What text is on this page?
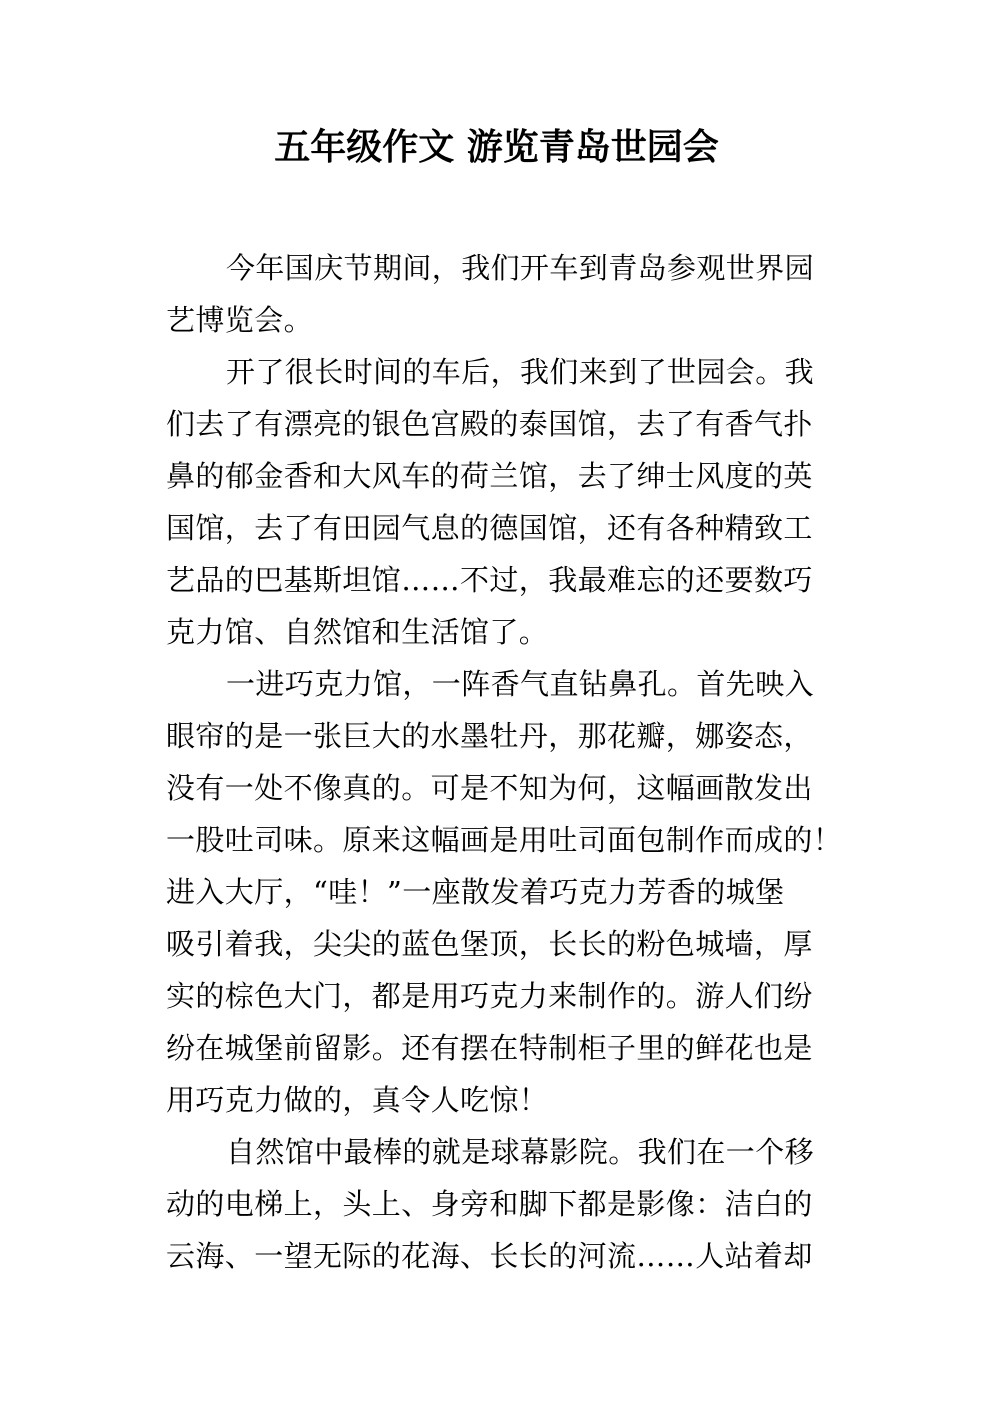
五年级作文 游览青岛世园会
今年国庆节期间，我们开车到青岛参观世界园
艺博览会。
开了很长时间的车后，我们来到了世园会。我
们去了有漂亮的银色宫殿的泰国馆，去了有香气扑
鼻的郁金香和大风车的荷兰馆，去了绅士风度的英
国馆，去了有田园气息的德国馆，还有各种精致工
艺品的巴基斯坦馆……不过，我最难忘的还要数巧
克力馆、自然馆和生活馆了。
一进巧克力馆，一阵香气直钻鼻孔。首先映入
眼帘的是一张巨大的水墨牡丹，那花瓣，娜姿态，
没有一处不像真的。可是不知为何，这幅画散发出
一股吐司味。原来这幅画是用吐司面包制作而成的！
进入大厅，“哇！”一座散发着巧克力芳香的城堡
吸引着我，尖尖的蓝色堡顶，长长的粉色城墙，厚
实的棕色大门，都是用巧克力来制作的。游人们纷
纷在城堡前留影。还有摆在特制柜子里的鲜花也是
用巧克力做的，真令人吃惊！
自然馆中最棒的就是球幕影院。我们在一个移
动的电梯上，头上、身旁和脚下都是影像：洁白的
云海、一望无际的花海、长长的河流……人站着却
